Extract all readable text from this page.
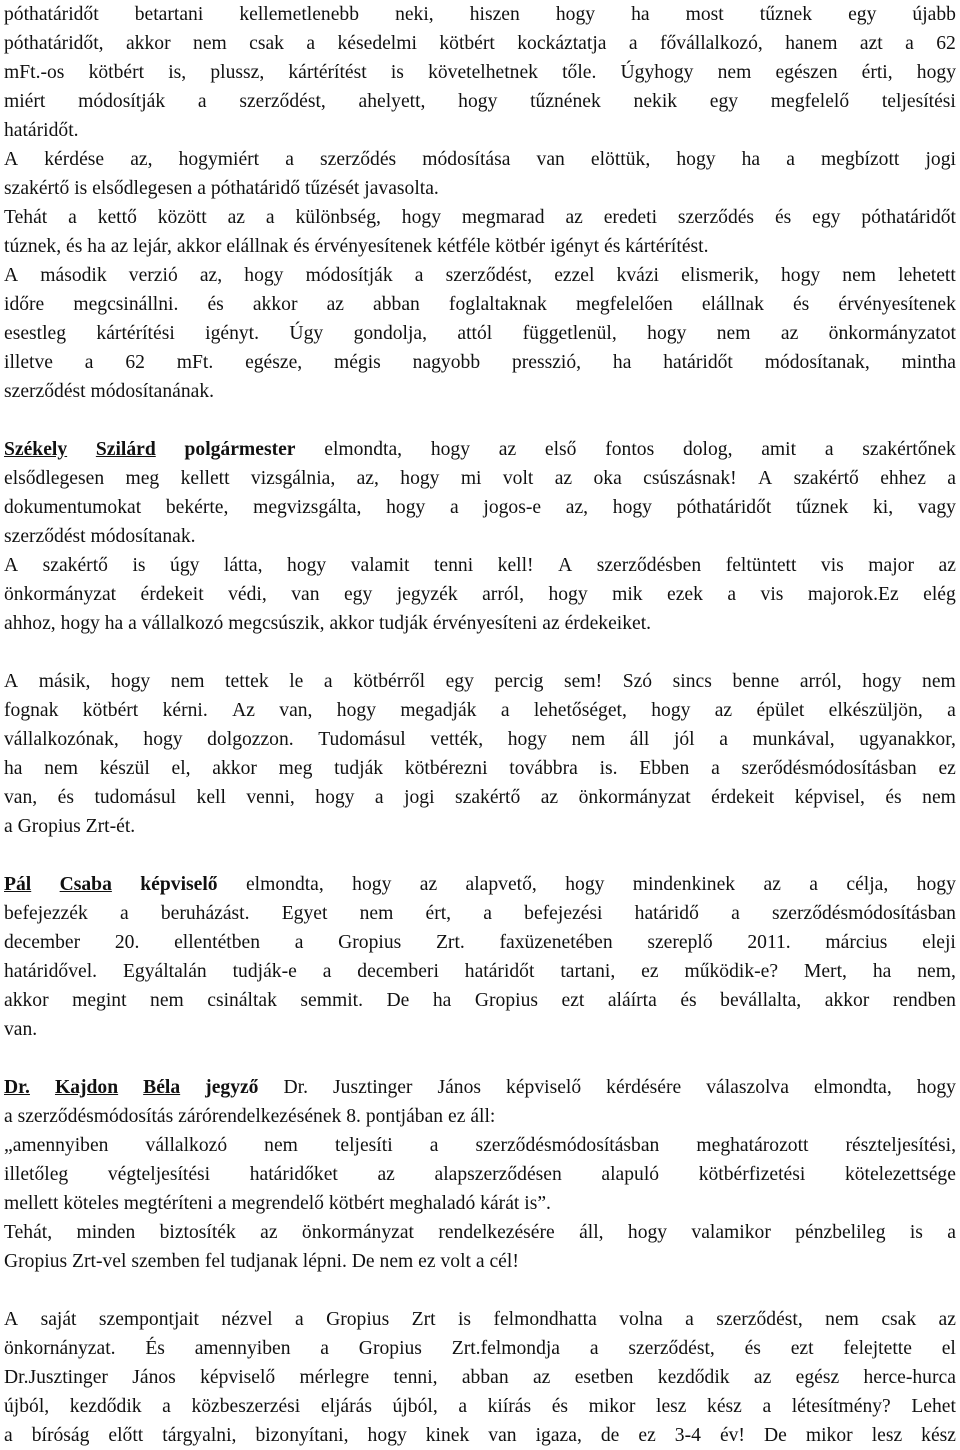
póthatáridőt betartani kellemetlenebb neki, hiszen hogy ha most tűznek egy újabb
póthatáridőt, akkor nem csak a késedelmi kötbért kockáztatja a fővállalkozó, hanem azt a 62
mFt.-os kötbért is, plussz, kártérítést is követelhetnek tőle. Úgyhogy nem egészen érti, hogy
miért módosítják a szerződést, ahelyett, hogy tűznének nekik egy megfelelő teljesítési
határidőt.
A kérdése az, hogymiért a szerződés módosítása van elöttük, hogy ha a megbízott jogi
szakértő is elsődlegesen a póthatáridő tűzését javasolta.
Tehát a kettő között az a különbség, hogy megmarad az eredeti szerződés és egy póthatáridőt
túznek, és ha az lejár, akkor elállnak és érvényesítenek kétféle kötbér igényt és kártérítést.
A második verzió az, hogy módosítják a szerződést, ezzel kvázi elismerik, hogy nem lehetett
időre megcsinállni. és akkor az abban foglaltaknak megfelelően elállnak és érvényesítenek
esestleg kártérítési igényt. Úgy gondolja, attól függetlenül, hogy nem az önkormányzatot
illetve a 62 mFt. egésze, mégis nagyobb presszió, ha határidőt módosítanak, mintha
szerződést módosítanának.
Székely Szilárd polgármester elmondta, hogy az első fontos dolog, amit a szakértőnek
elsődlegesen meg kellett vizsgálnia, az, hogy mi volt az oka csúszásnak! A szakértő ehhez a
dokumentumokat bekérte, megvizsgálta, hogy a jogos-e az, hogy póthatáridőt tűznek ki, vagy
szerződést módosítanak.
A szakértő is úgy látta, hogy valamit tenni kell! A szerződésben feltüntett vis major az
önkormányzat érdekeit védi, van egy jegyzék arról, hogy mik ezek a vis majorok.Ez elég
ahhoz, hogy ha a vállalkozó megcsúszik, akkor tudják érvényesíteni az érdekeiket.
A másik, hogy nem tettek le a kötbérről egy percig sem! Szó sincs benne arról, hogy nem
fognak kötbért kérni. Az van, hogy megadják a lehetőséget, hogy az épület elkészüljön, a
vállalkozónak, hogy dolgozzon. Tudomásul vették, hogy nem áll jól a munkával, ugyanakkor,
ha nem készül el, akkor meg tudják kötbérezni továbbra is. Ebben a szerődésmódosításban ez
van, és tudomásul kell venni, hogy a jogi szakértő az önkormányzat érdekeit képvisel, és nem
a Gropius Zrt-ét.
Pál Csaba képviselő elmondta, hogy az alapvető, hogy mindenkinek az a célja, hogy
befejezzék a beruházást. Egyet nem ért, a befejezési határidő a szerződésmódosításban
december 20. ellentétben a Gropius Zrt. faxüzenetében szereplő 2011. március eleji
határidővel. Egyáltalán tudják-e a decemberi határidőt tartani, ez működik-e? Mert, ha nem,
akkor megint nem csináltak semmit. De ha Gropius ezt aláírta és bevállalta, akkor rendben
van.
Dr. Kajdon Béla jegyző Dr. Jusztinger János képviselő kérdésére válaszolva elmondta, hogy
a szerződésmódosítás zárórendelkezésének 8. pontjában ez áll:
„amennyiben vállalkozó nem teljesíti a szerződésmódosításban meghatározott részteljesítési,
illetőleg végteljesítési határidőket az alapszerződésen alapuló kötbérfizetési kötelezettsége
mellett köteles megtéríteni a megrendelő kötbért meghaladó kárát is”.
Tehát, minden biztosíték az önkormányzat rendelkezésére áll, hogy valamikor pénzbelileg is a
Gropius Zrt-vel szemben fel tudjanak lépni. De nem ez volt a cél!
A saját szempontjait nézvel a Gropius Zrt is felmondhatta volna a szerződést, nem csak az
önkornányzat. És amennyiben a Gropius Zrt.felmondja a szerződést, és ezt felejtette el
Dr.Jusztinger János képviselő mérlegre tenni, abban az esetben kezdődik az egész herce-hurca
újból, kezdődik a közbeszerzési eljárás újból, a kiírás és mikor lesz kész a létesítmény? Lehet
a bíróság előtt tárgyalni, bizonyítani, hogy kinek van igaza, de ez 3-4 év! De mikor lesz kész
